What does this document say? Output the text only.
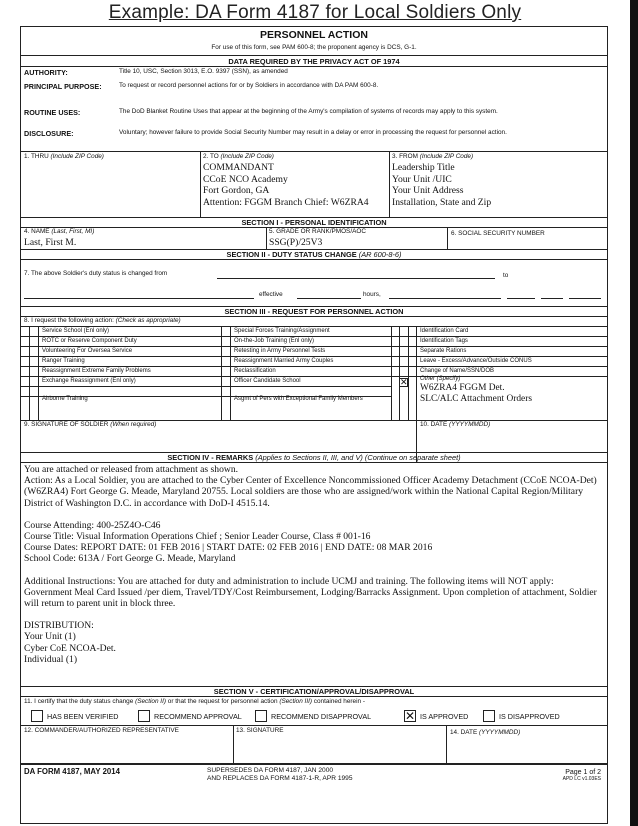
Example: DA Form 4187 for Local Soldiers Only
PERSONNEL ACTION
For use of this form, see PAM 600-8; the proponent agency is DCS, G-1.
DATA REQUIRED BY THE PRIVACY ACT OF 1974
AUTHORITY:	Title 10, USC, Section 3013, E.O. 9397 (SSN), as amended
PRINCIPAL PURPOSE:	To request or record personnel actions for or by Soldiers in accordance with DA PAM 600-8.
ROUTINE USES:	The DoD Blanket Routine Uses that appear at the beginning of the Army's compilation of systems of records may apply to this system.
DISCLOSURE:	Voluntary; however failure to provide Social Security Number may result in a delay or error in processing the request for personnel action.
1. THRU (Include ZIP Code)	2. TO (Include ZIP Code)
COMMANDANT
CCoE NCO Academy
Fort Gordon, GA
Attention: FGGM Branch Chief: W6ZRA4
3. FROM (Include ZIP Code)
Leadership Title
Your Unit /UIC
Your Unit Address
Installation, State and Zip
SECTION I - PERSONAL IDENTIFICATION
4. NAME (Last, First, MI)
Last, First M.
5. GRADE OR RANK/PMOS/AOC
SSG(P)/25V3
6. SOCIAL SECURITY NUMBER
SECTION II - DUTY STATUS CHANGE (AR 600-8-6)
7. The above Soldier's duty status is changed from	to
effective	hours,
SECTION III - REQUEST FOR PERSONNEL ACTION
8. I request the following action: (Check as appropriate)
Service School (Enl only)
ROTC or Reserve Component Duty
Volunteering For Oversea Service
Ranger Training
Reassignment Extreme Family Problems
Exchange Reassignment (Enl only)
Airborne Training
Special Forces Training/Assignment
On-the-Job Training (Enl only)
Retesting in Army Personnel Tests
Reassignment Married Army Couples
Reclassification
Officer Candidate School
Asgmt of Pers with Exceptional Family Members
Identification Card
Identification Tags
Separate Rations
Leave - Excess/Advance/Outside CONUS
Change of Name/SSN/DOB
✕
Other (Specify)
W6ZRA4 FGGM Det.
SLC/ALC Attachment Orders
9. SIGNATURE OF SOLDIER (When required)	10. DATE (YYYYMMDD)
SECTION IV - REMARKS (Applies to Sections II, III, and V) (Continue on separate sheet)
You are attached or released from attachment as shown.
Action: As a Local Soldier, you are attached to the Cyber Center of Excellence Noncommissioned Officer Academy Detachment (CCoE NCOA-Det)(W6ZRA4) Fort George G. Meade, Maryland 20755. Local soldiers are those who are assigned/work within the National Capital Region/Military District of Washington D.C. in accordance with DoD-I 4515.14.
Course Attending: 400-25Z4O-C46
Course Title: Visual Information Operations Chief ; Senior Leader Course, Class # 001-16
Course Dates: REPORT DATE: 01 FEB 2016 | START DATE: 02 FEB 2016 | END DATE: 08 MAR 2016
School Code: 613A / Fort George G. Meade, Maryland
Additional Instructions: You are attached for duty and administration to include UCMJ and training. The following items will NOT apply: Government Meal Card Issued /per diem, Travel/TDY/Cost Reimbursement, Lodging/Barracks Assignment. Upon completion of attachment, Soldier will return to parent unit in block three.
DISTRIBUTION:
Your Unit (1)
Cyber CoE NCOA-Det.
Individual (1)
SECTION V - CERTIFICATION/APPROVAL/DISAPPROVAL
11. I certify that the duty status change (Section II) or that the request for personnel action (Section III) contained herein -
HAS BEEN VERIFIED	RECOMMEND APPROVAL	RECOMMEND DISAPPROVAL
✕	IS APPROVED	IS DISAPPROVED
12. COMMANDER/AUTHORIZED REPRESENTATIVE	13. SIGNATURE	14. DATE (YYYYMMDD)
DA FORM 4187, MAY 2014	SUPERSEDES DA FORM 4187, JAN 2000
AND REPLACES DA FORM 4187-1-R, APR 1995
Page 1 of 2
APD LC v1.03ES
